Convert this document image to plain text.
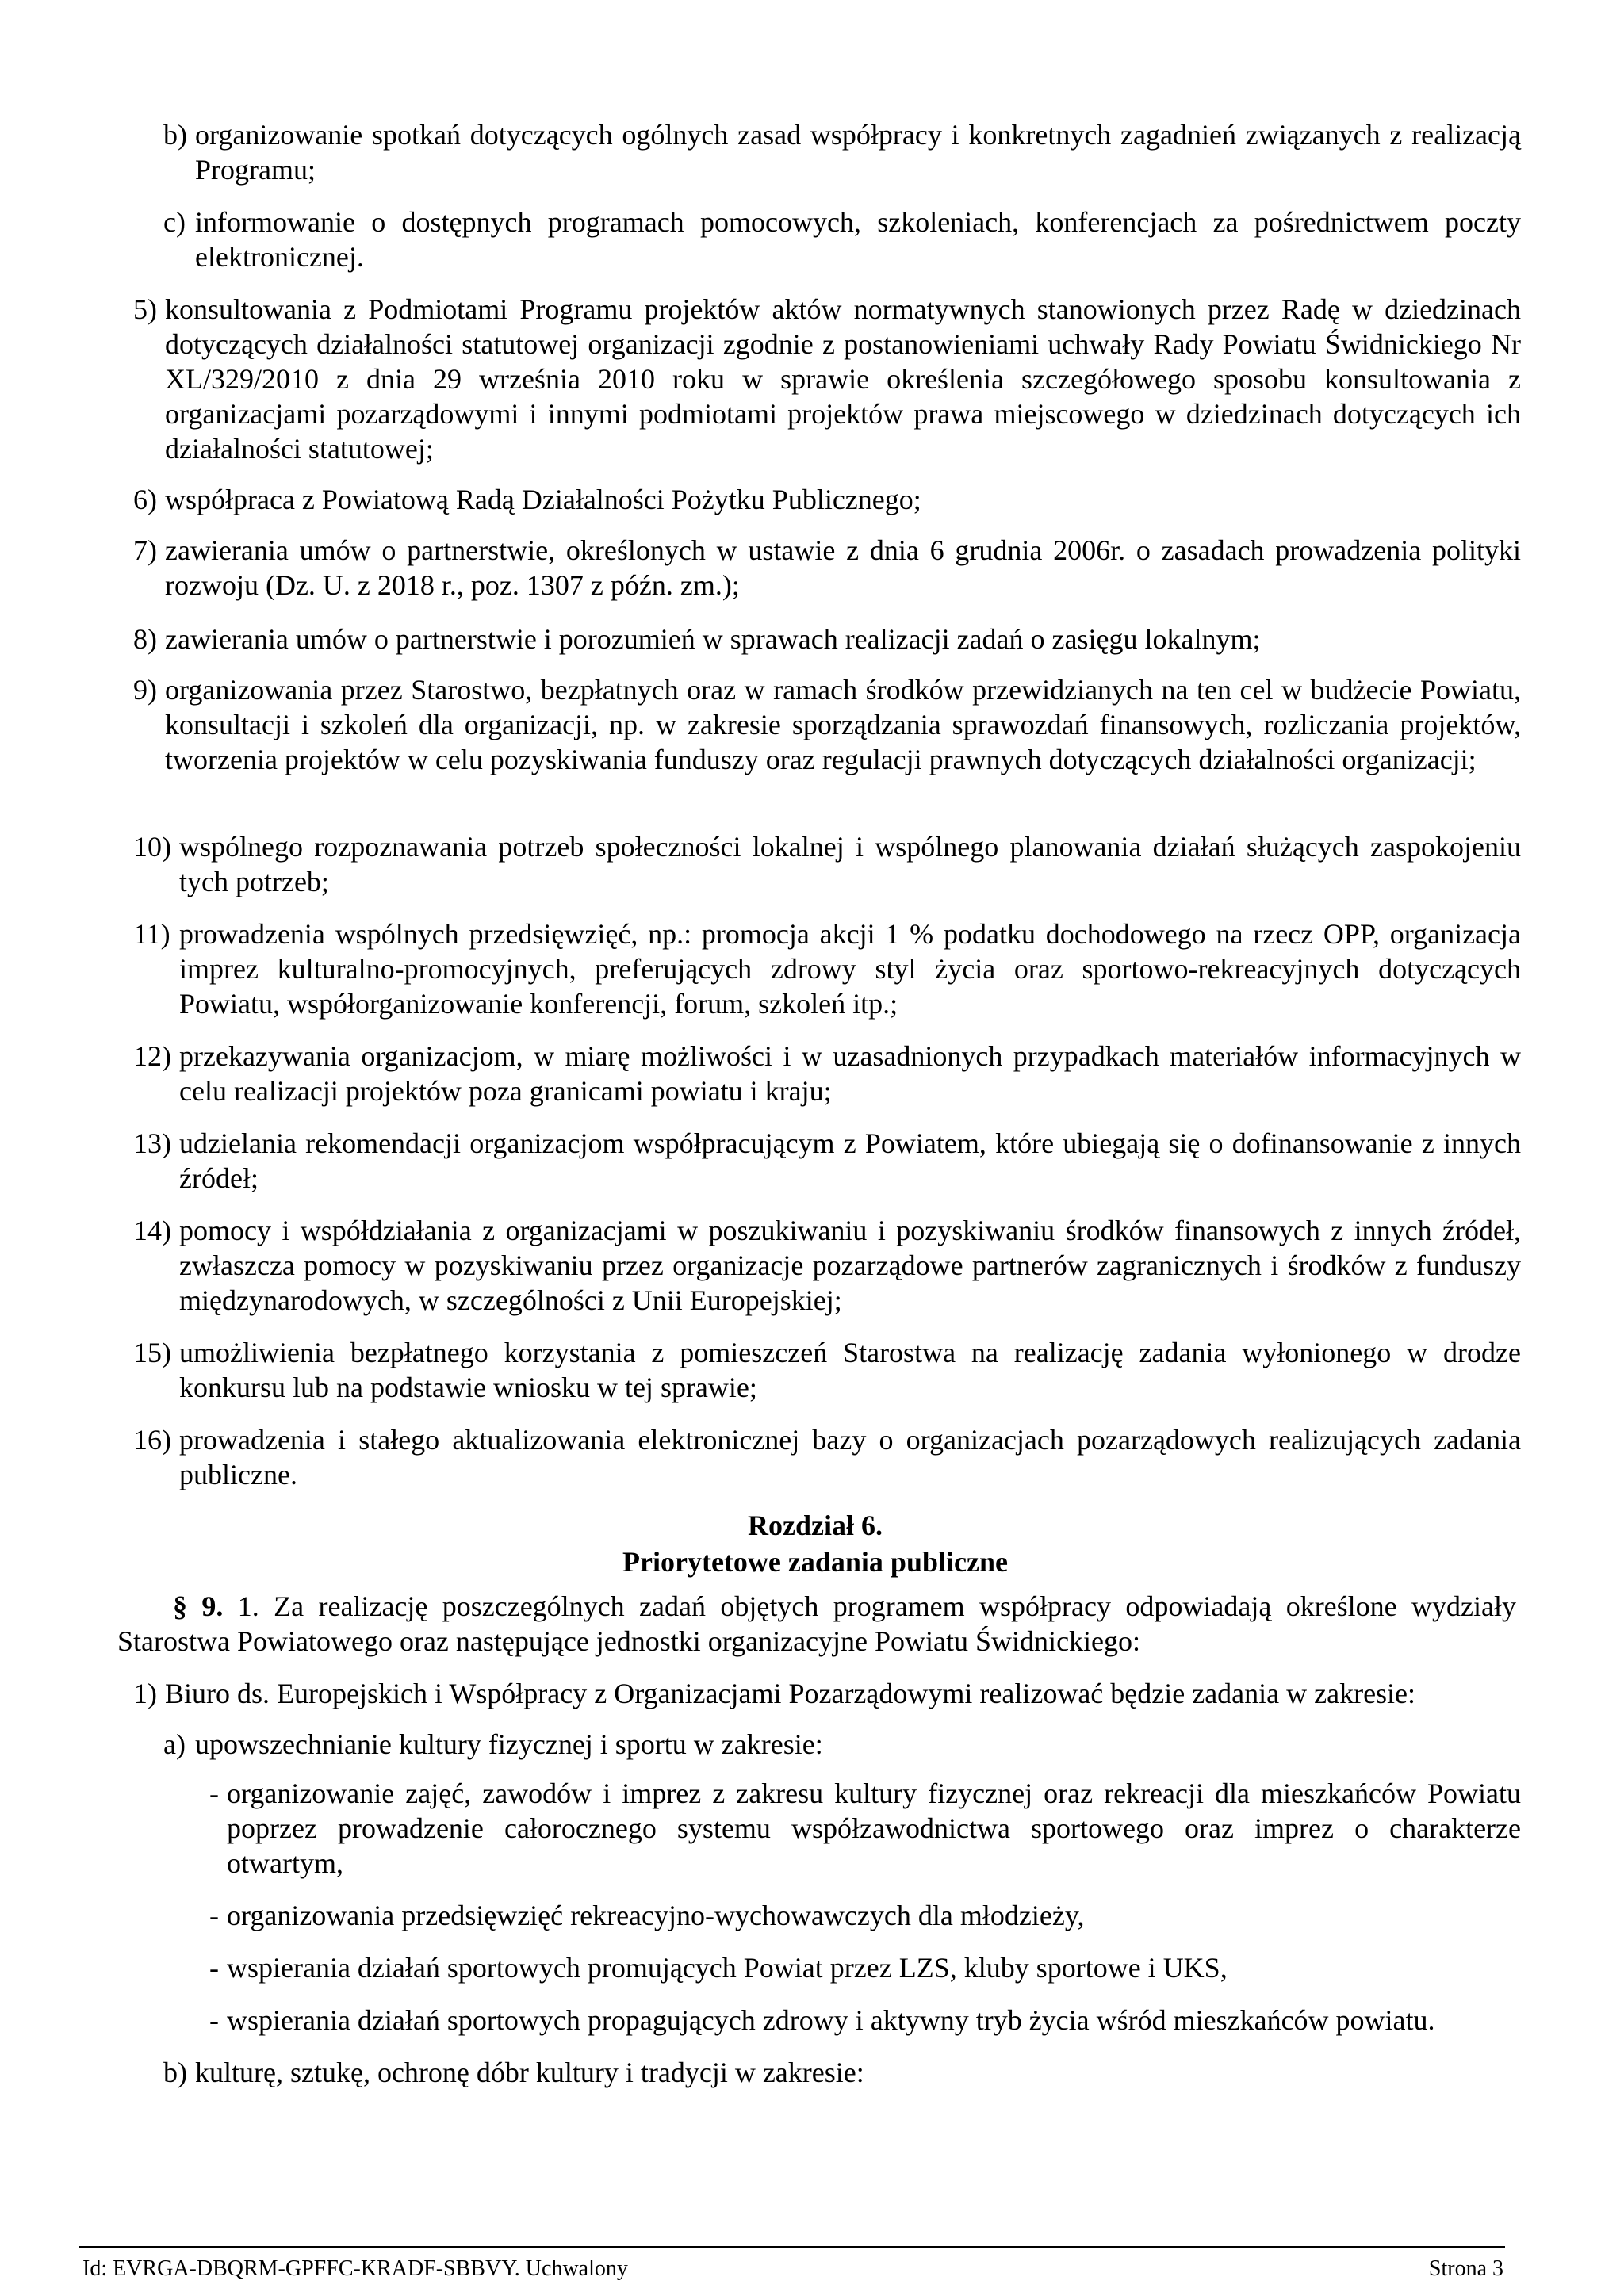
b) organizowanie spotkań dotyczących ogólnych zasad współpracy i konkretnych zagadnień związanych z realizacją Programu;
c) informowanie o dostępnych programach pomocowych, szkoleniach, konferencjach za pośrednictwem poczty elektronicznej.
5) konsultowania z Podmiotami Programu projektów aktów normatywnych stanowionych przez Radę w dziedzinach dotyczących działalności statutowej organizacji zgodnie z postanowieniami uchwały Rady Powiatu Świdnickiego Nr XL/329/2010 z dnia 29 września 2010 roku w sprawie określenia szczegółowego sposobu konsultowania z organizacjami pozarządowymi i innymi podmiotami projektów prawa miejscowego w dziedzinach dotyczących ich działalności statutowej;
6) współpraca z Powiatową Radą Działalności Pożytku Publicznego;
7) zawierania umów o partnerstwie, określonych w ustawie z dnia 6 grudnia 2006r. o zasadach prowadzenia polityki rozwoju (Dz. U. z 2018 r., poz. 1307 z późn. zm.);
8) zawierania umów o partnerstwie i porozumień w sprawach realizacji zadań o zasięgu lokalnym;
9) organizowania przez Starostwo, bezpłatnych oraz w ramach środków przewidzianych na ten cel w budżecie Powiatu, konsultacji i szkoleń dla organizacji, np. w zakresie sporządzania sprawozdań finansowych, rozliczania projektów, tworzenia projektów w celu pozyskiwania funduszy oraz regulacji prawnych dotyczących działalności organizacji;
10) wspólnego rozpoznawania potrzeb społeczności lokalnej i wspólnego planowania działań służących zaspokojeniu tych potrzeb;
11) prowadzenia wspólnych przedsięwzięć, np.: promocja akcji 1 % podatku dochodowego na rzecz OPP, organizacja imprez kulturalno-promocyjnych, preferujących zdrowy styl życia oraz sportowo-rekreacyjnych dotyczących Powiatu, współorganizowanie konferencji, forum, szkoleń itp.;
12) przekazywania organizacjom, w miarę możliwości i w uzasadnionych przypadkach materiałów informacyjnych w celu realizacji projektów poza granicami powiatu i kraju;
13) udzielania rekomendacji organizacjom współpracującym z Powiatem, które ubiegają się o dofinansowanie z innych źródeł;
14) pomocy i współdziałania z organizacjami w poszukiwaniu i pozyskiwaniu środków finansowych z innych źródeł, zwłaszcza pomocy w pozyskiwaniu przez organizacje pozarządowe partnerów zagranicznych i środków z funduszy międzynarodowych, w szczególności z Unii Europejskiej;
15) umożliwienia bezpłatnego korzystania z pomieszczeń Starostwa na realizację zadania wyłonionego w drodze konkursu lub na podstawie wniosku w tej sprawie;
16) prowadzenia i stałego aktualizowania elektronicznej bazy o organizacjach pozarządowych realizujących zadania publiczne.
Rozdział 6.
Priorytetowe zadania publiczne
§ 9. 1. Za realizację poszczególnych zadań objętych programem współpracy odpowiadają określone wydziały Starostwa Powiatowego oraz następujące jednostki organizacyjne Powiatu Świdnickiego:
1) Biuro ds. Europejskich i Współpracy z Organizacjami Pozarządowymi realizować będzie zadania w zakresie:
a) upowszechnianie kultury fizycznej i sportu w zakresie:
- organizowanie zajęć, zawodów i imprez z zakresu kultury fizycznej oraz rekreacji dla mieszkańców Powiatu poprzez prowadzenie całorocznego systemu współzawodnictwa sportowego oraz imprez o charakterze otwartym,
- organizowania przedsięwzięć rekreacyjno-wychowawczych dla młodzieży,
- wspierania działań sportowych promujących Powiat przez LZS, kluby sportowe i UKS,
- wspierania działań sportowych propagujących zdrowy i aktywny tryb życia wśród mieszkańców powiatu.
b) kulturę, sztukę, ochronę dóbr kultury i tradycji w zakresie:
Id: EVRGA-DBQRM-GPFFC-KRADF-SBBVY. Uchwalony	Strona 3
